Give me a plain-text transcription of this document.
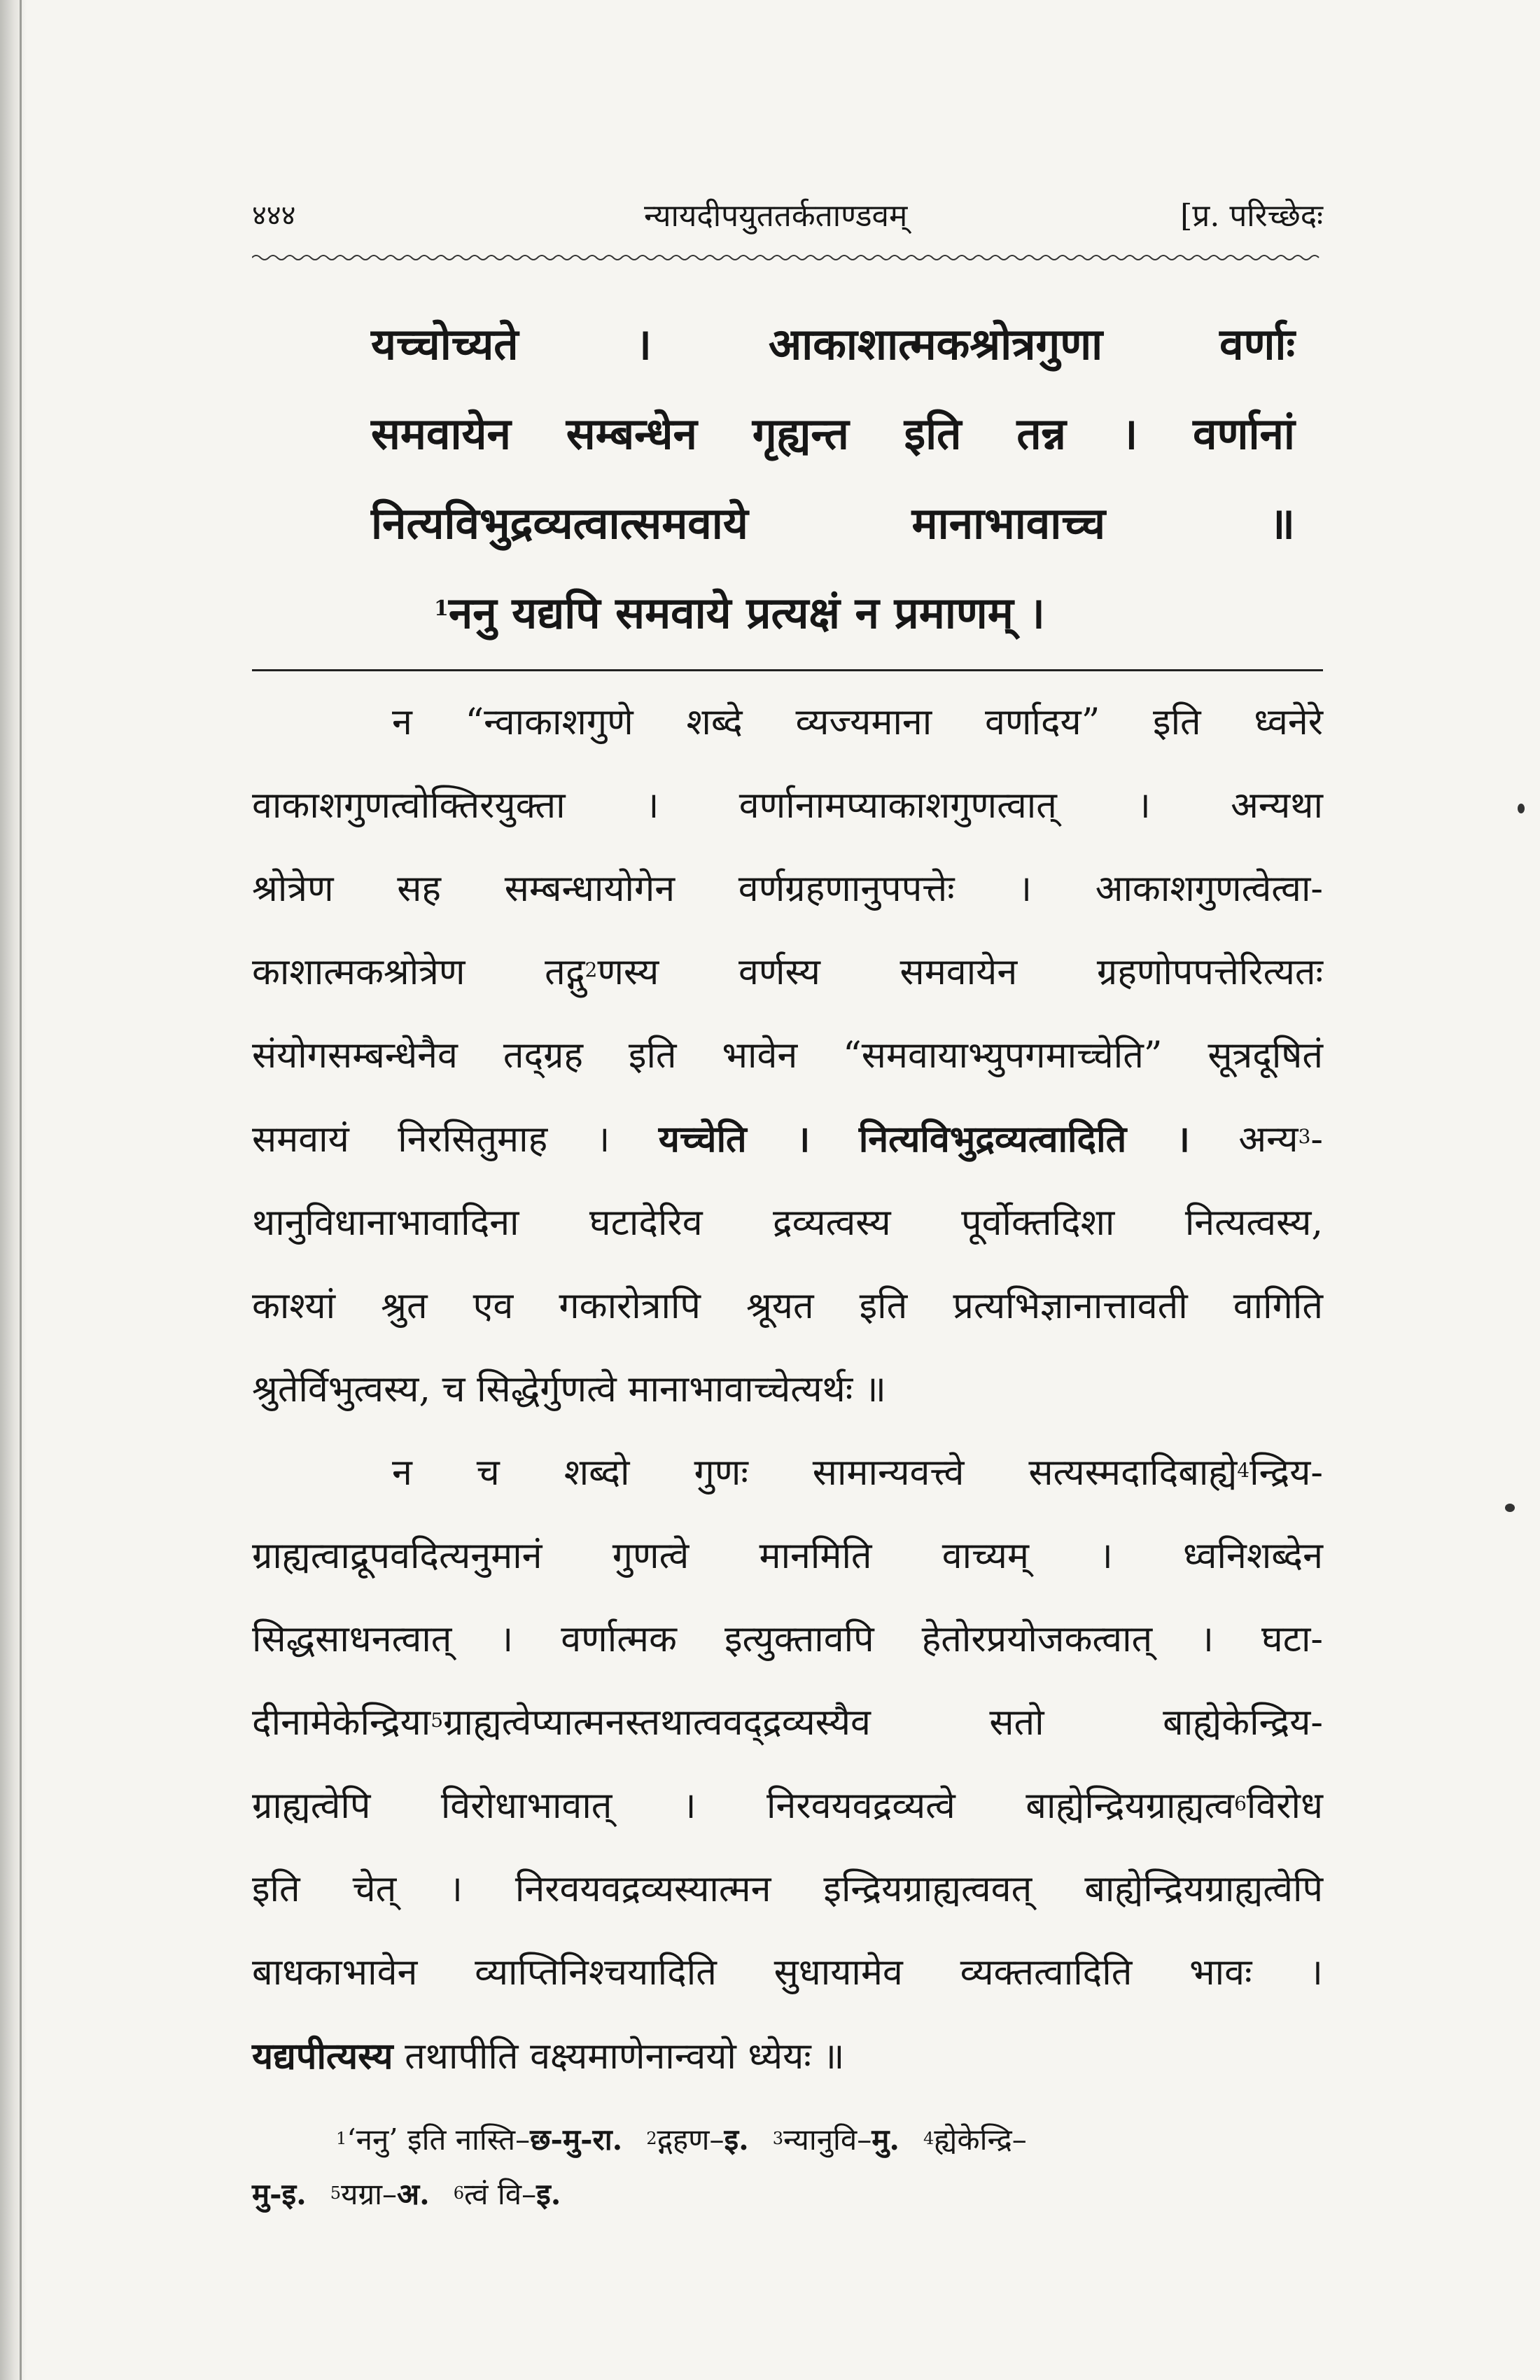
४४४	न्यायदीपयुततर्कताण्डवम्	[प्र. परिच्छेदः
यच्चोच्यते । आकाशात्मकश्रोत्रगुणा वर्णाः
समवायेन सम्बन्धेन गृह्यन्त इति तन्न । वर्णानां
नित्यविभुद्रव्यत्वात्समवाये मानाभावाच्च ॥
$^1$ननु यद्यपि समवाये प्रत्यक्षं न प्रमाणम् ।
न “न्वाकाशगुणे शब्दे व्यज्यमाना वर्णादय” इति ध्वनेरे
वाकाशगुणत्वोक्तिरयुक्ता । वर्णानामप्याकाशगुणत्वात् । अन्यथा
श्रोत्रेण सह सम्बन्धायोगेन वर्णग्रहणानुपपत्तेः । आकाशगुणत्वेत्वा-
काशात्मकश्रोत्रेण तद्गु$^2$णस्य वर्णस्य समवायेन ग्रहणोपपत्तेरित्यतः
संयोगसम्बन्धेनैव तद्ग्रह इति भावेन “समवायाभ्युपगमाच्चेति” सूत्रदूषितं
समवायं निरसितुमाह । यच्चेति । नित्यविभुद्रव्यत्वादिति । अन्य$^3$-
थानुविधानाभावादिना घटादेरिव द्रव्यत्वस्य पूर्वोक्तदिशा नित्यत्वस्य,
काश्यां श्रुत एव गकारोत्रापि श्रूयत इति प्रत्यभिज्ञानात्तावती वागिति
श्रुतेर्विभुत्वस्य, च सिद्धेर्गुणत्वे मानाभावाच्चेत्यर्थः ॥
न च शब्दो गुणः सामान्यवत्त्वे सत्यस्मदादिबाह्ये$^4$न्द्रिय-
ग्राह्यत्वाद्रूपवदित्यनुमानं गुणत्वे मानमिति वाच्यम् । ध्वनिशब्देन
सिद्धसाधनत्वात् । वर्णात्मक इत्युक्तावपि हेतोरप्रयोजकत्वात् । घटा-
दीनामेकेन्द्रिया$^5$ग्राह्यत्वेप्यात्मनस्तथात्ववद्द्रव्यस्यैव सतो बाह्येकेन्द्रिय-
ग्राह्यत्वेपि विरोधाभावात् । निरवयवद्रव्यत्वे बाह्येन्द्रियग्राह्यत्व$^6$विरोध
इति चेत् । निरवयवद्रव्यस्यात्मन इन्द्रियग्राह्यत्ववत् बाह्येन्द्रियग्राह्यत्वेपि
बाधकाभावेन व्याप्तिनिश्चयादिति सुधायामेव व्यक्तत्वादिति भावः ।
यद्यपीत्यस्य तथापीति वक्ष्यमाणेनान्वयो ध्येयः ॥
$^1$‘ननु’ इति नास्ति–छ-मु-रा. $^2$द्गहण–इ. $^3$न्यानुवि–मु. $^4$ह्येकेन्द्रि–
मु-इ. $^5$यग्रा–अ. $^6$त्वं वि–इ.
